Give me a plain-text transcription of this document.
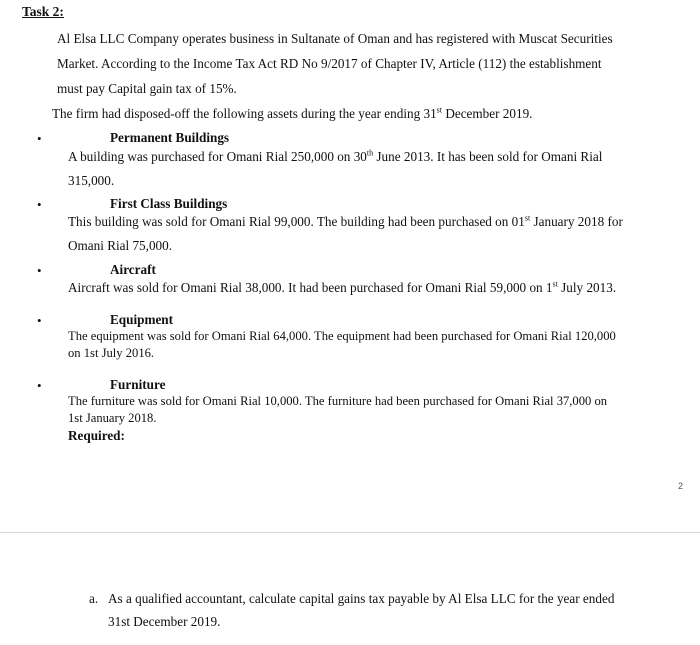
Task 2:
Al Elsa LLC Company operates business in Sultanate of Oman and has registered with Muscat Securities
Market. According to the Income Tax Act RD No 9/2017 of Chapter IV, Article (112) the establishment
must pay Capital gain tax of 15%.
The firm had disposed-off the following assets during the year ending 31st December 2019.
•	Permanent Buildings
A building was purchased for Omani Rial 250,000 on 30th June 2013. It has been sold for Omani Rial
315,000.
•	First Class Buildings
This building was sold for Omani Rial 99,000. The building had been purchased on 01st January 2018 for
Omani Rial 75,000.
•	Aircraft
Aircraft was sold for Omani Rial 38,000. It had been purchased for Omani Rial 59,000 on 1st July 2013.
•	Equipment
The equipment was sold for Omani Rial 64,000. The equipment had been purchased for Omani Rial 120,000
on 1st July 2016.
•	Furniture
The furniture was sold for Omani Rial 10,000. The furniture had been purchased for Omani Rial 37,000 on
1st January 2018.
Required:
2
a. As a qualified accountant, calculate capital gains tax payable by Al Elsa LLC for the year ended
31st December 2019.
